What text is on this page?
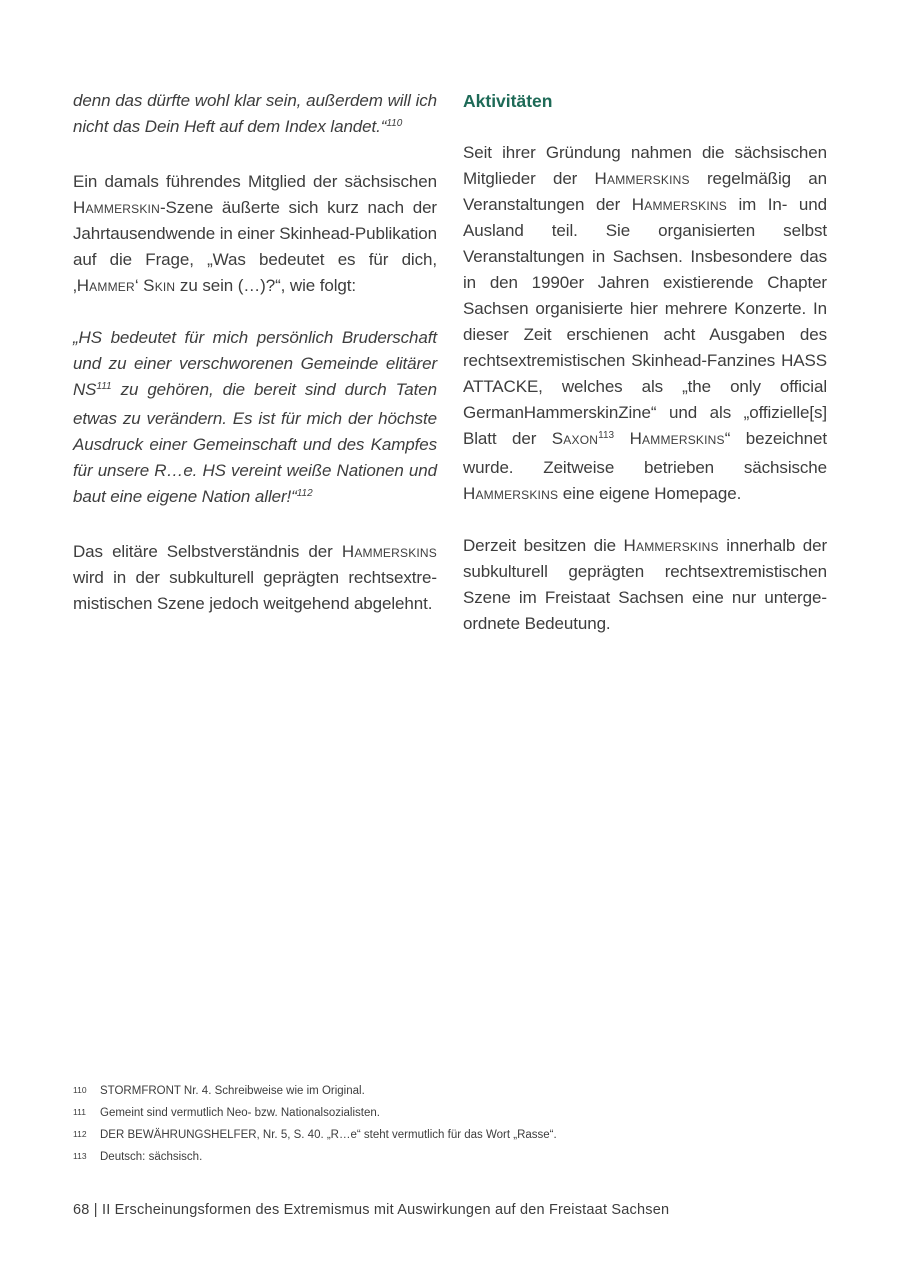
denn das dürfte wohl klar sein, außerdem will ich nicht das Dein Heft auf dem Index landet.“$^{110}$

Ein damals führendes Mitglied der sächsischen Hammerskin-Szene äußerte sich kurz nach der Jahrtausendwende in einer Skinhead-Publikation auf die Frage, „Was bedeutet es für dich, ‚Hammer‘ Skin zu sein (…)?“, wie folgt:

„HS bedeutet für mich persönlich Bruderschaft und zu einer verschworenen Gemeinde elitärer NS$^{111}$ zu gehören, die bereit sind durch Taten etwas zu verändern. Es ist für mich der höchste Ausdruck einer Gemeinschaft und des Kampfes für unsere R…e. HS vereint weiße Nationen und baut eine eigene Nation aller!“$^{112}$

Das elitäre Selbstverständnis der Hammerskins wird in der subkulturell geprägten rechtsextremistischen Szene jedoch weitgehend abgelehnt.

Aktivitäten

Seit ihrer Gründung nahmen die sächsischen Mitglieder der Hammerskins regelmäßig an Veranstaltungen der Hammerskins im In- und Ausland teil. Sie organisierten selbst Veranstaltungen in Sachsen. Insbesondere das in den 1990er Jahren existierende Chapter Sachsen organisierte hier mehrere Konzerte. In dieser Zeit erschienen acht Ausgaben des rechtsextremistischen Skinhead-Fanzines HASS ATTACKE, welches als „the only official GermanHammerskinZine“ und als „offizielle[s] Blatt der Saxon$^{113}$ Hammerskins“ bezeichnet wurde. Zeitweise betrieben sächsische Hammerskins eine eigene Homepage.

Derzeit besitzen die Hammerskins innerhalb der subkulturell geprägten rechtsextremistischen Szene im Freistaat Sachsen eine nur untergeordnete Bedeutung.

110	STORMFRONT Nr. 4. Schreibweise wie im Original.
111	Gemeint sind vermutlich Neo- bzw. Nationalsozialisten.
112	DER BEWÄHRUNGSHELFER, Nr. 5, S. 40. „R…e“ steht vermutlich für das Wort „Rasse“.
113	Deutsch: sächsisch.
68 | II Erscheinungsformen des Extremismus mit Auswirkungen auf den Freistaat Sachsen
